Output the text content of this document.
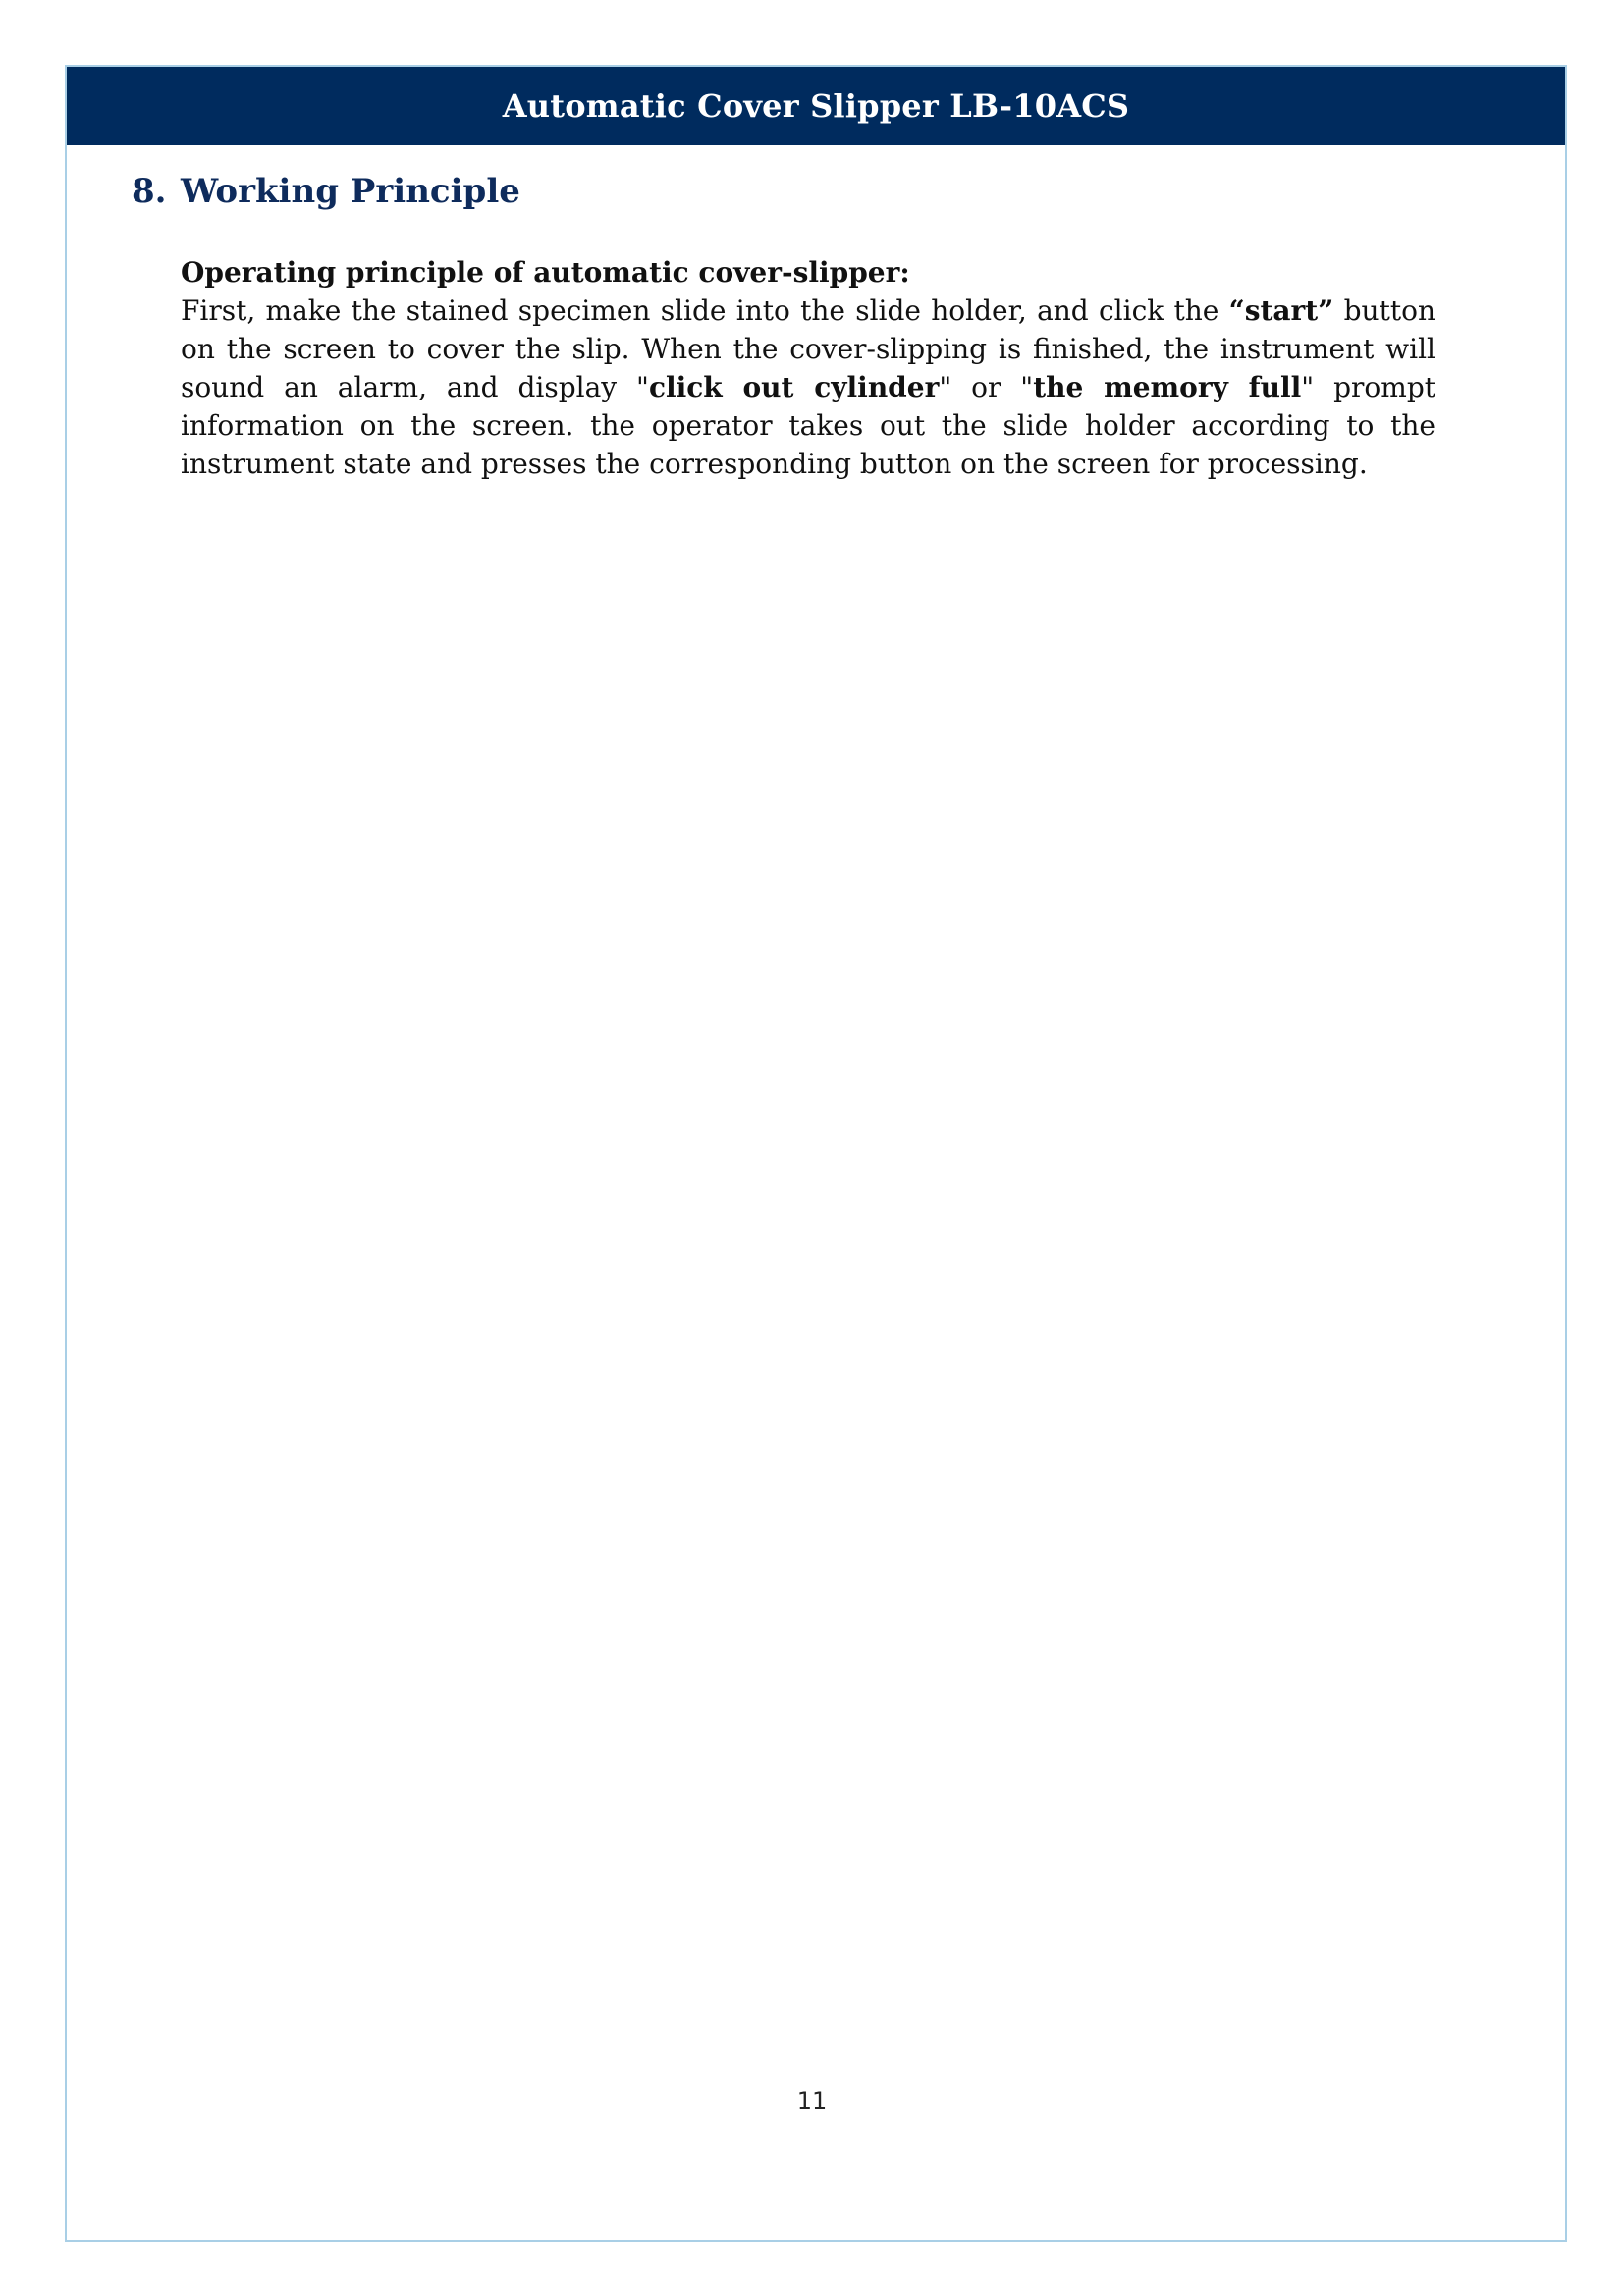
Automatic Cover Slipper LB-10ACS
8. Working Principle

Operating principle of automatic cover-slipper:

First, make the stained specimen slide into the slide holder, and click the “start” button on the screen to cover the slip. When the cover-slipping is finished, the instrument will sound an alarm, and display "click out cylinder" or "the memory full" prompt information on the screen. the operator takes out the slide holder according to the instrument state and presses the corresponding button on the screen for processing.

11
